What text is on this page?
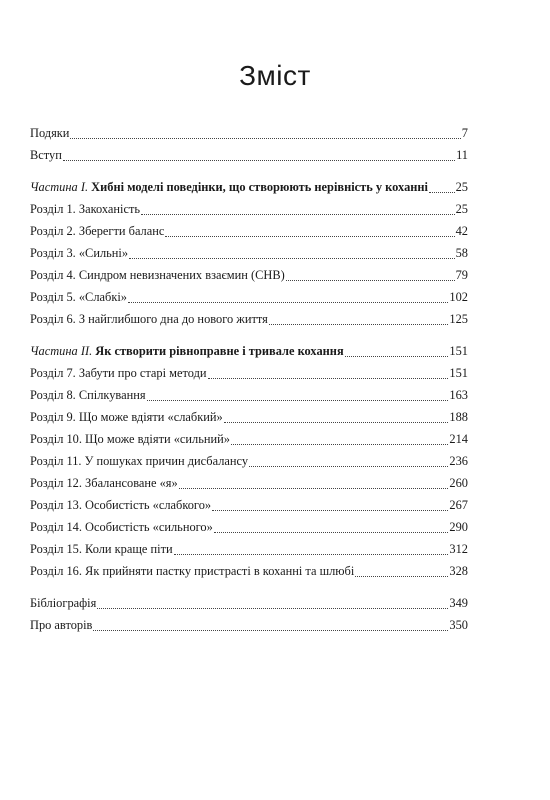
Зміст
Подяки	7
Вступ	11
Частина І. Хибні моделі поведінки, що створюють нерівність у коханні 25
Розділ 1. Закоханість	25
Розділ 2. Зберегти баланс	42
Розділ 3. «Сильні»	58
Розділ 4. Синдром невизначених взаємин (СНВ)	79
Розділ 5. «Слабкі»	102
Розділ 6. З найглибшого дна до нового життя	125
Частина ІІ. Як створити рівноправне і тривале кохання	151
Розділ 7. Забути про старі методи	151
Розділ 8. Спілкування	163
Розділ 9. Що може вдіяти «слабкий»	188
Розділ 10. Що може вдіяти «сильний»	214
Розділ 11. У пошуках причин дисбалансу	236
Розділ 12. Збалансоване «я»	260
Розділ 13. Особистість «слабкого»	267
Розділ 14. Особистість «сильного»	290
Розділ 15. Коли краще піти	312
Розділ 16. Як прийняти пастку пристрасті в коханні та шлюбі	328
Бібліографія	349
Про авторів	350
